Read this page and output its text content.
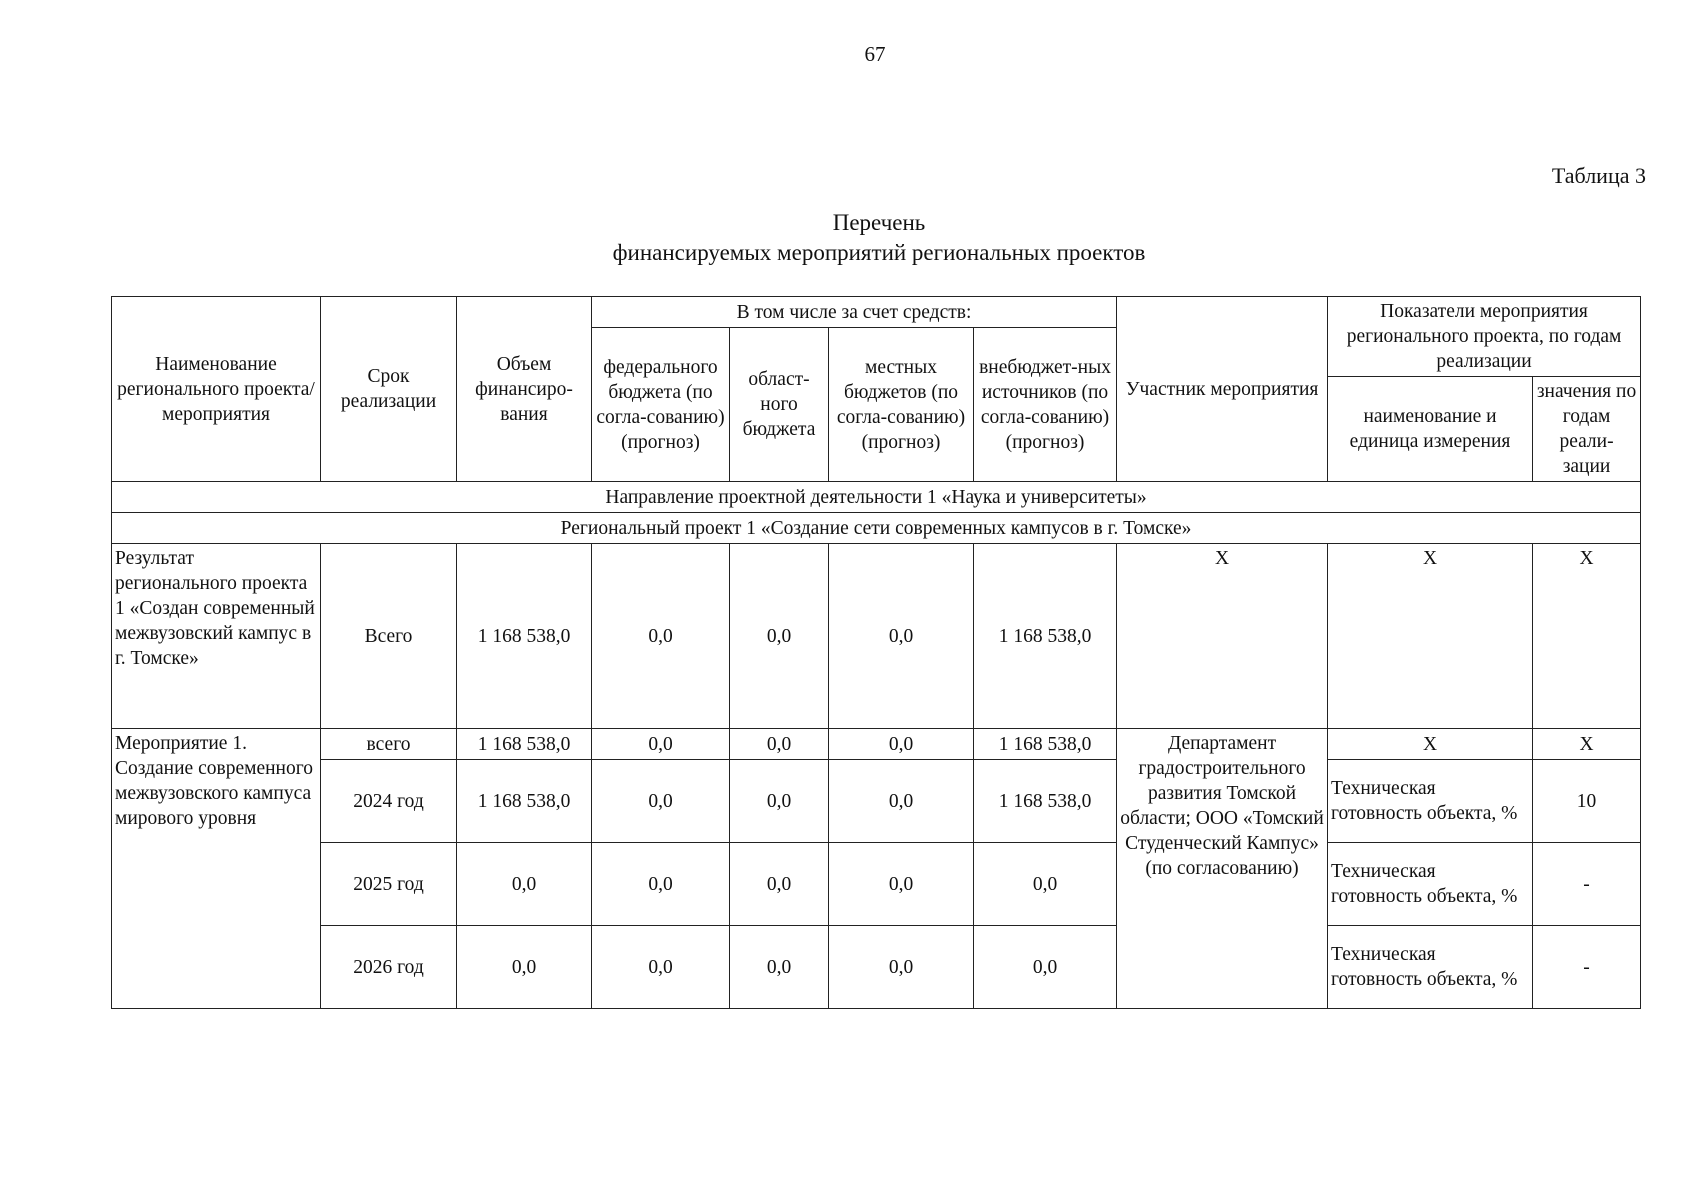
67
Таблица 3
Перечень
финансируемых мероприятий региональных проектов
Наименование регионального проекта/мероприятия	Срок реализации	Объем финансиро-вания	В том числе за счет средств:				Участник мероприятия	Показатели мероприятия регионального проекта, по годам реализации	
			федерального бюджета (по согла-сованию) (прогноз)	област-ного бюджета	местных бюджетов (по согла-сованию) (прогноз)	внебюджет-ных источников (по согла-сованию) (прогноз)			
								наименование и единица измерения	значения по годам реали-зации
Направление проектной деятельности 1 «Наука и университеты»									
Региональный проект 1 «Создание сети современных кампусов в г. Томске»									
Результат регионального проекта 1 «Создан современный межвузовский кампус в г. Томске»	Всего	1 168 538,0	0,0	0,0	0,0	1 168 538,0	Х	Х	Х
Мероприятие 1. Создание современного межвузовского кампуса мирового уровня	всего	1 168 538,0	0,0	0,0	0,0	1 168 538,0	Департамент градостроительного развития Томской области; ООО «Томский Студенческий Кампус» (по согласованию)	Х	Х
	2024 год	1 168 538,0	0,0	0,0	0,0	1 168 538,0		Техническая готовность объекта, %	10
	2025 год	0,0	0,0	0,0	0,0	0,0		Техническая готовность объекта, %	-
	2026 год	0,0	0,0	0,0	0,0	0,0		Техническая готовность объекта, %	-
